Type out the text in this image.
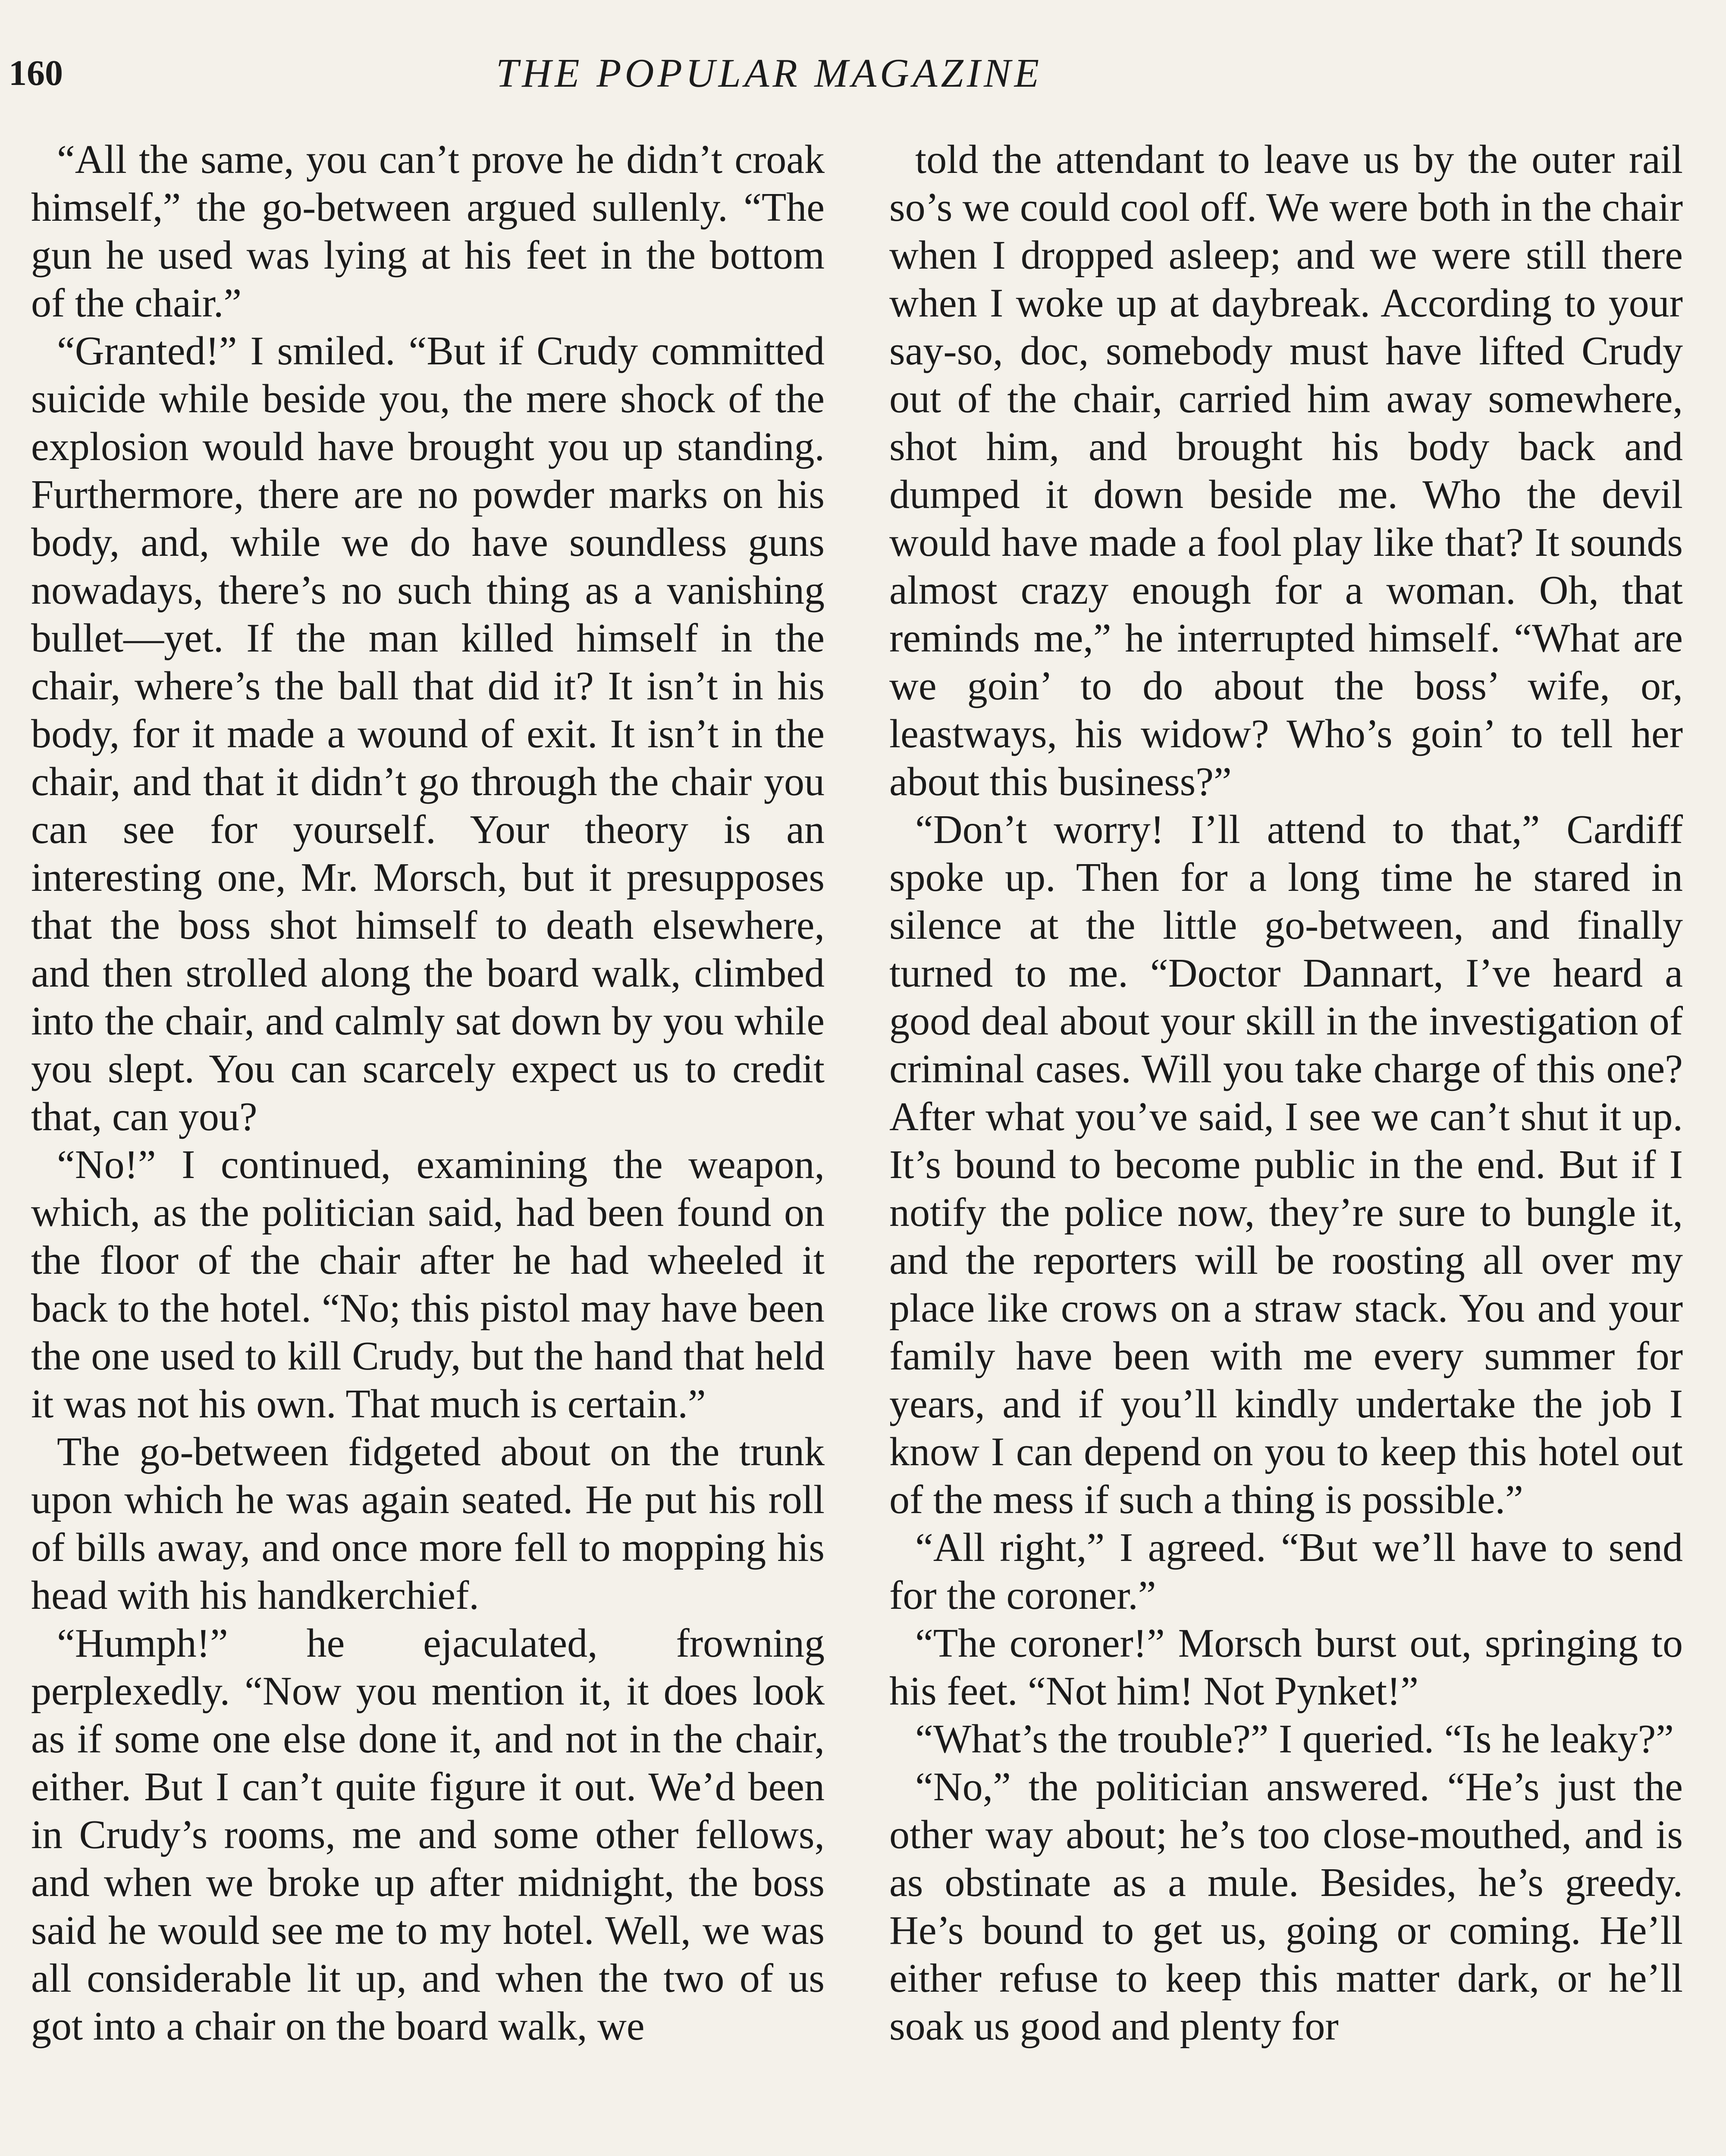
160	THE POPULAR MAGAZINE

“All the same, you can’t prove he didn’t croak himself,” the go-between argued sullenly. “The gun he used was lying at his feet in the bottom of the chair.”

“Granted!” I smiled. “But if Crudy committed suicide while beside you, the mere shock of the explosion would have brought you up standing. Furthermore, there are no powder marks on his body, and, while we do have soundless guns nowadays, there’s no such thing as a vanishing bullet—yet. If the man killed himself in the chair, where’s the ball that did it? It isn’t in his body, for it made a wound of exit. It isn’t in the chair, and that it didn’t go through the chair you can see for yourself. Your theory is an interesting one, Mr. Morsch, but it presupposes that the boss shot himself to death elsewhere, and then strolled along the board walk, climbed into the chair, and calmly sat down by you while you slept. You can scarcely expect us to credit that, can you?

“No!” I continued, examining the weapon, which, as the politician said, had been found on the floor of the chair after he had wheeled it back to the hotel. “No; this pistol may have been the one used to kill Crudy, but the hand that held it was not his own. That much is certain.”

The go-between fidgeted about on the trunk upon which he was again seated. He put his roll of bills away, and once more fell to mopping his head with his handkerchief.

“Humph!” he ejaculated, frowning perplexedly. “Now you mention it, it does look as if some one else done it, and not in the chair, either. But I can’t quite figure it out. We’d been in Crudy’s rooms, me and some other fellows, and when we broke up after midnight, the boss said he would see me to my hotel. Well, we was all considerable lit up, and when the two of us got into a chair on the board walk, we

told the attendant to leave us by the outer rail so’s we could cool off. We were both in the chair when I dropped asleep; and we were still there when I woke up at daybreak. According to your say-so, doc, somebody must have lifted Crudy out of the chair, carried him away somewhere, shot him, and brought his body back and dumped it down beside me. Who the devil would have made a fool play like that? It sounds almost crazy enough for a woman. Oh, that reminds me,” he interrupted himself. “What are we goin’ to do about the boss’ wife, or, leastways, his widow? Who’s goin’ to tell her about this business?”

“Don’t worry! I’ll attend to that,” Cardiff spoke up. Then for a long time he stared in silence at the little go-between, and finally turned to me. “Doctor Dannart, I’ve heard a good deal about your skill in the investigation of criminal cases. Will you take charge of this one? After what you’ve said, I see we can’t shut it up. It’s bound to become public in the end. But if I notify the police now, they’re sure to bungle it, and the reporters will be roosting all over my place like crows on a straw stack. You and your family have been with me every summer for years, and if you’ll kindly undertake the job I know I can depend on you to keep this hotel out of the mess if such a thing is possible.”

“All right,” I agreed. “But we’ll have to send for the coroner.”

“The coroner!” Morsch burst out, springing to his feet. “Not him! Not Pynket!”

“What’s the trouble?” I queried. “Is he leaky?”

“No,” the politician answered. “He’s just the other way about; he’s too close-mouthed, and is as obstinate as a mule. Besides, he’s greedy. He’s bound to get us, going or coming. He’ll either refuse to keep this matter dark, or he’ll soak us good and plenty for
